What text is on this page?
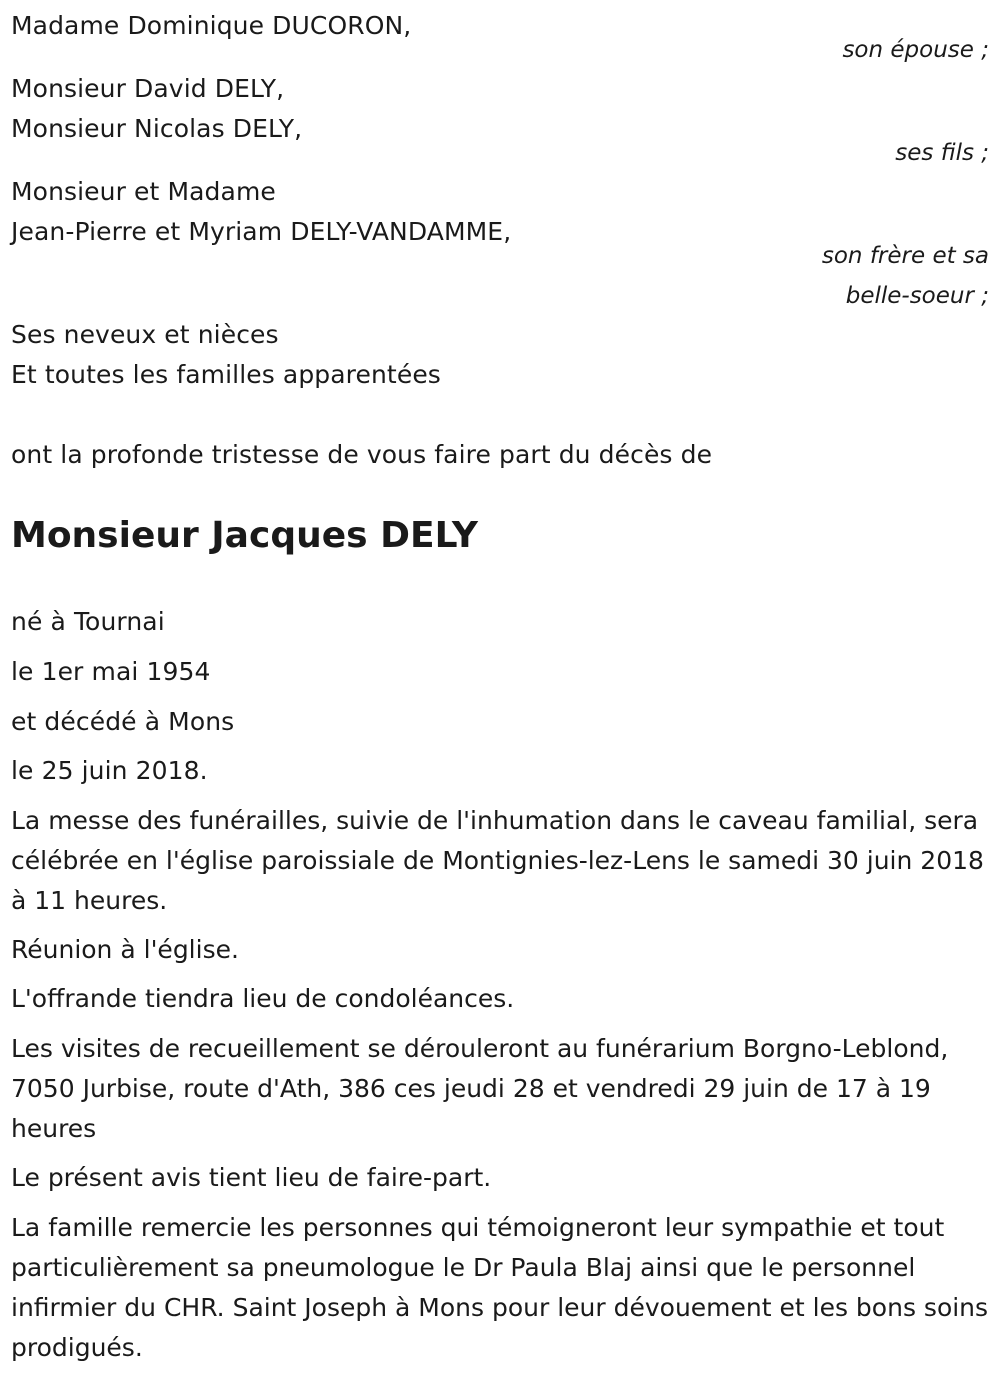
Madame Dominique DUCORON,
son épouse ;
Monsieur David DELY,
Monsieur Nicolas DELY,
ses fils ;
Monsieur et Madame
Jean-Pierre et Myriam DELY-VANDAMME,
son frère et sa
belle-soeur ;
Ses neveux et nièces
Et toutes les familles apparentées
ont la profonde tristesse de vous faire part du décès de
Monsieur Jacques DELY
né à Tournai
le 1er mai 1954
et décédé à Mons
le 25 juin 2018.
La messe des funérailles, suivie de l'inhumation dans le caveau familial, sera célébrée en l'église paroissiale de Montignies-lez-Lens le samedi 30 juin 2018 à 11 heures.
Réunion à l'église.
L'offrande tiendra lieu de condoléances.
Les visites de recueillement se dérouleront au funérarium Borgno-Leblond, 7050 Jurbise, route d'Ath, 386 ces jeudi 28 et vendredi 29 juin de 17 à 19 heures
Le présent avis tient lieu de faire-part.
La famille remercie les personnes qui témoigneront leur sympathie et tout particulièrement sa pneumologue le Dr Paula Blaj ainsi que le personnel infirmier du CHR. Saint Joseph à Mons pour leur dévouement et les bons soins prodigués.
